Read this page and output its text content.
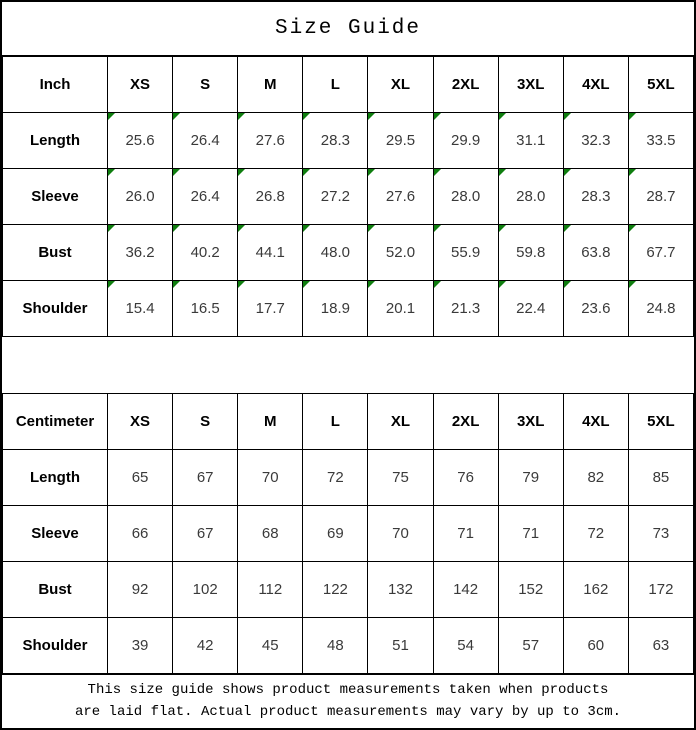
Size Guide
Inch	XS	S	M	L	XL	2XL	3XL	4XL	5XL
Length	25.6	26.4	27.6	28.3	29.5	29.9	31.1	32.3	33.5
Sleeve	26.0	26.4	26.8	27.2	27.6	28.0	28.0	28.3	28.7
Bust	36.2	40.2	44.1	48.0	52.0	55.9	59.8	63.8	67.7
Shoulder	15.4	16.5	17.7	18.9	20.1	21.3	22.4	23.6	24.8
Centimeter	XS	S	M	L	XL	2XL	3XL	4XL	5XL
Length	65	67	70	72	75	76	79	82	85
Sleeve	66	67	68	69	70	71	71	72	73
Bust	92	102	112	122	132	142	152	162	172
Shoulder	39	42	45	48	51	54	57	60	63
This size guide shows product measurements taken when products
are laid flat. Actual product measurements may vary by up to 3cm.
